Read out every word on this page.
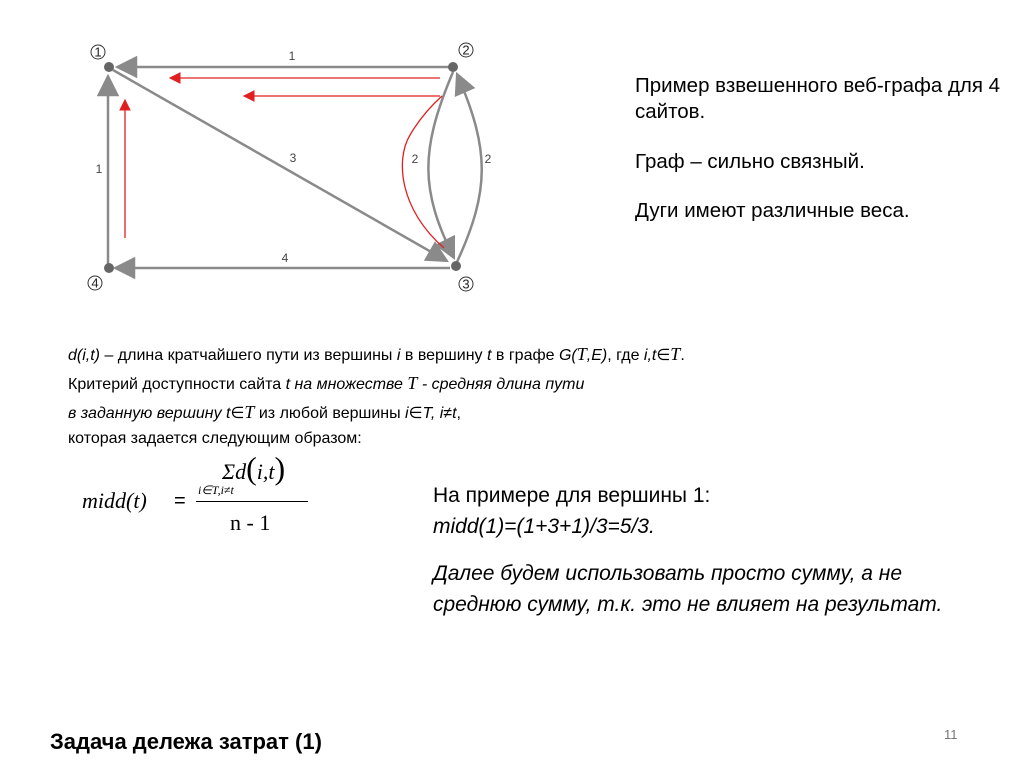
1	2
3
4
1
3	2	2
4
1

Пример взвешенного веб-графа для 4 сайтов.

Граф – сильно связный.

Дуги имеют различные веса.

d(i,t) – длина кратчайшего пути из вершины i в вершину t в графе G(T,E), где i,t∈T.
Критерий доступности сайта t на множестве T - средняя длина пути
в заданную вершину t∈T из любой вершины i∈T, i≠t,
которая задается следующим образом:
midd(t) =
Σd(i,t)
i∈T,i≠t
n - 1

На примере для вершины 1:

midd(1)=(1+3+1)/3=5/3.

Далее будем использовать просто сумму, а не среднюю сумму, т.к. это не влияет на результат.

Задача дележа затрат (1)	11
